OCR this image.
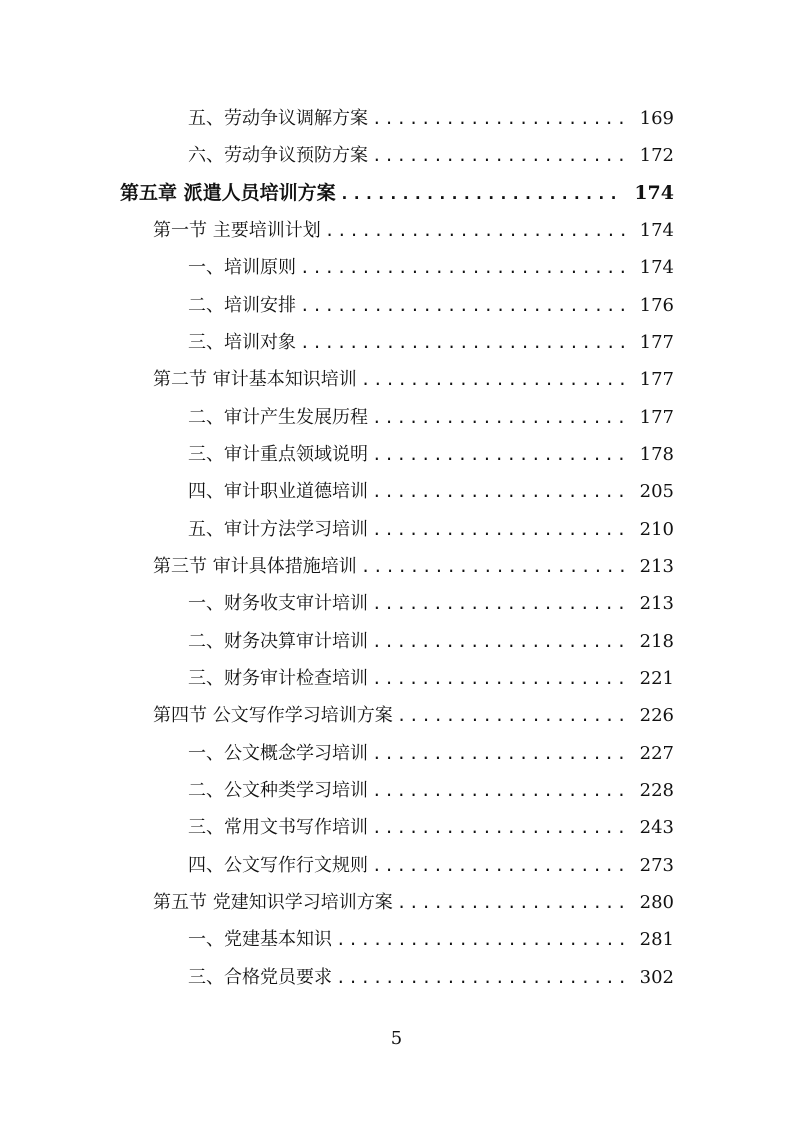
五、劳动争议调解方案 .....	169
六、劳动争议预防方案 .....	172
第五章 派遣人员培训方案 .....	174
第一节 主要培训计划 .....	174
一、培训原则 .....	174
二、培训安排 .....	176
三、培训对象 .....	177
第二节 审计基本知识培训 .....	177
二、审计产生发展历程 .....	177
三、审计重点领域说明 .....	178
四、审计职业道德培训 .....	205
五、审计方法学习培训 .....	210
第三节 审计具体措施培训 .....	213
一、财务收支审计培训 .....	213
二、财务决算审计培训 .....	218
三、财务审计检查培训 .....	221
第四节 公文写作学习培训方案 .....	226
一、公文概念学习培训 .....	227
二、公文种类学习培训 .....	228
三、常用文书写作培训 .....	243
四、公文写作行文规则 .....	273
第五节 党建知识学习培训方案 .....	280
一、党建基本知识 .....	281
三、合格党员要求 .....	302
5
